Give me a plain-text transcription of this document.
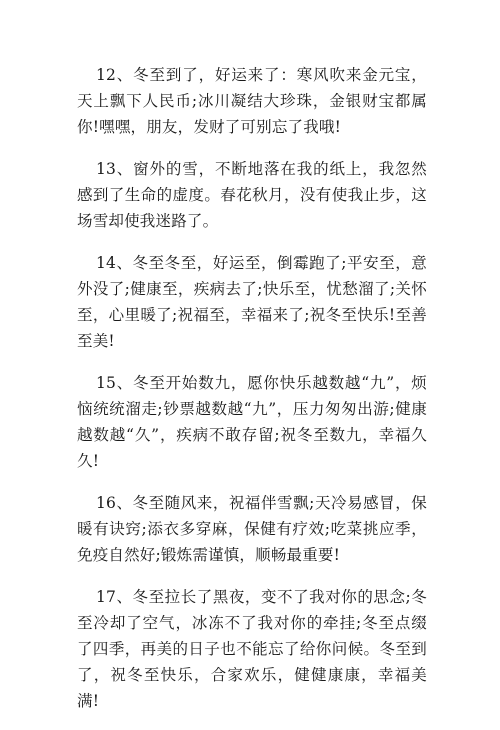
12、冬至到了，好运来了：寒风吹来金元宝，天上飘下人民币;冰川凝结大珍珠，金银财宝都属你!嘿嘿，朋友，发财了可别忘了我哦!

13、窗外的雪，不断地落在我的纸上，我忽然感到了生命的虚度。春花秋月，没有使我止步，这场雪却使我迷路了。

14、冬至冬至，好运至，倒霉跑了;平安至，意外没了;健康至，疾病去了;快乐至，忧愁溜了;关怀至，心里暖了;祝福至，幸福来了;祝冬至快乐!至善至美!

15、冬至开始数九，愿你快乐越数越“九”，烦恼统统溜走;钞票越数越“九”，压力匆匆出游;健康越数越“久”，疾病不敢存留;祝冬至数九，幸福久久!

16、冬至随风来，祝福伴雪飘;天冷易感冒，保暖有诀窍;添衣多穿麻，保健有疗效;吃菜挑应季，免疫自然好;锻炼需谨慎，顺畅最重要!

17、冬至拉长了黑夜，变不了我对你的思念;冬至冷却了空气，冰冻不了我对你的牵挂;冬至点缀了四季，再美的日子也不能忘了给你问候。冬至到了，祝冬至快乐，合家欢乐，健健康康，幸福美满!
